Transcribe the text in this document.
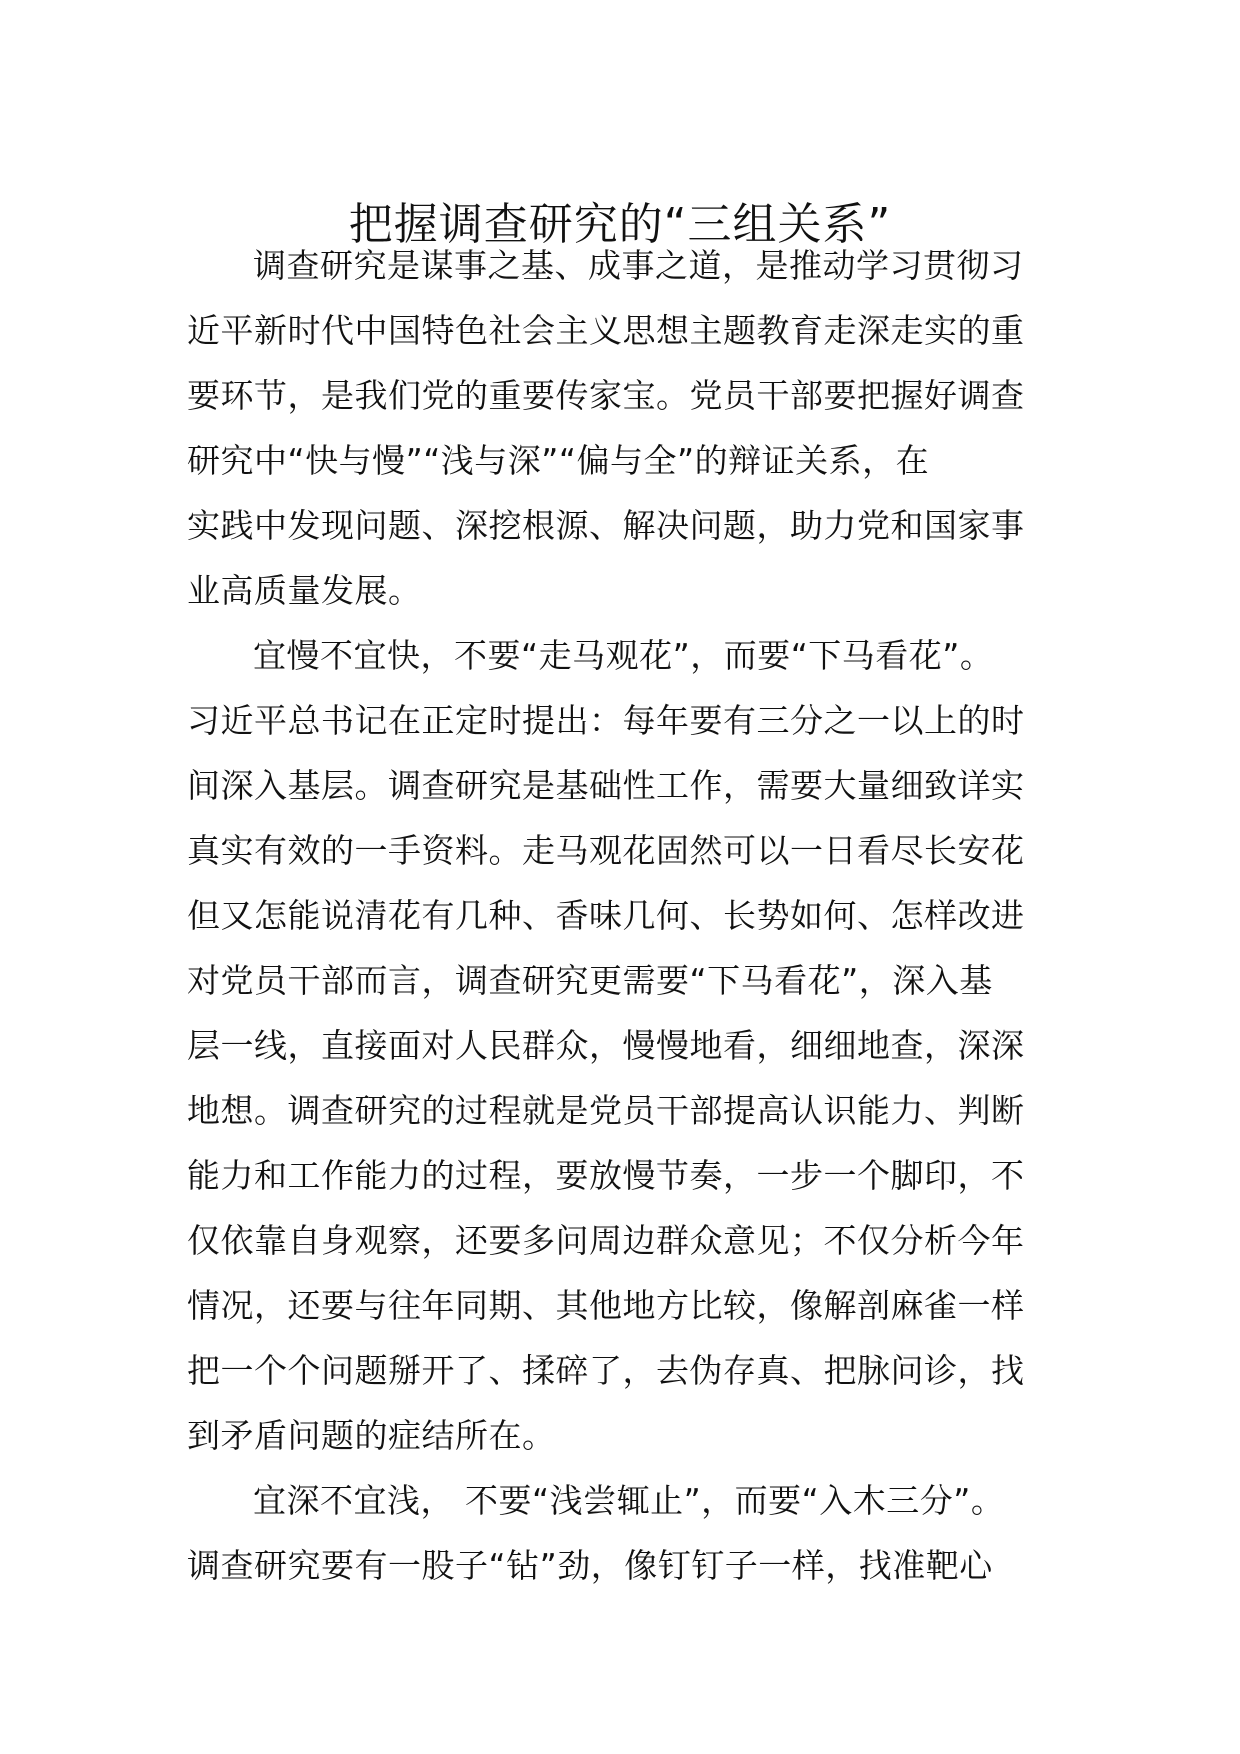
把握调查研究的“三组关系”
调查研究是谋事之基、成事之道，是推动学习贯彻习
近平新时代中国特色社会主义思想主题教育走深走实的重
要环节，是我们党的重要传家宝。党员干部要把握好调查
研究中“快与慢”“浅与深”“偏与全”的辩证关系，在
实践中发现问题、深挖根源、解决问题，助力党和国家事
业高质量发展。
宜慢不宜快，不要“走马观花”，而要“下马看花”。
习近平总书记在正定时提出：每年要有三分之一以上的时
间深入基层。调查研究是基础性工作，需要大量细致详实
真实有效的一手资料。走马观花固然可以一日看尽长安花
但又怎能说清花有几种、香味几何、长势如何、怎样改进
对党员干部而言，调查研究更需要“下马看花”，深入基
层一线，直接面对人民群众，慢慢地看，细细地查，深深
地想。调查研究的过程就是党员干部提高认识能力、判断
能力和工作能力的过程，要放慢节奏，一步一个脚印，不
仅依靠自身观察，还要多问周边群众意见；不仅分析今年
情况，还要与往年同期、其他地方比较，像解剖麻雀一样
把一个个问题掰开了、揉碎了，去伪存真、把脉问诊，找
到矛盾问题的症结所在。
宜深不宜浅， 不要“浅尝辄止”，而要“入木三分”。
调查研究要有一股子“钻”劲，像钉钉子一样，找准靶心
